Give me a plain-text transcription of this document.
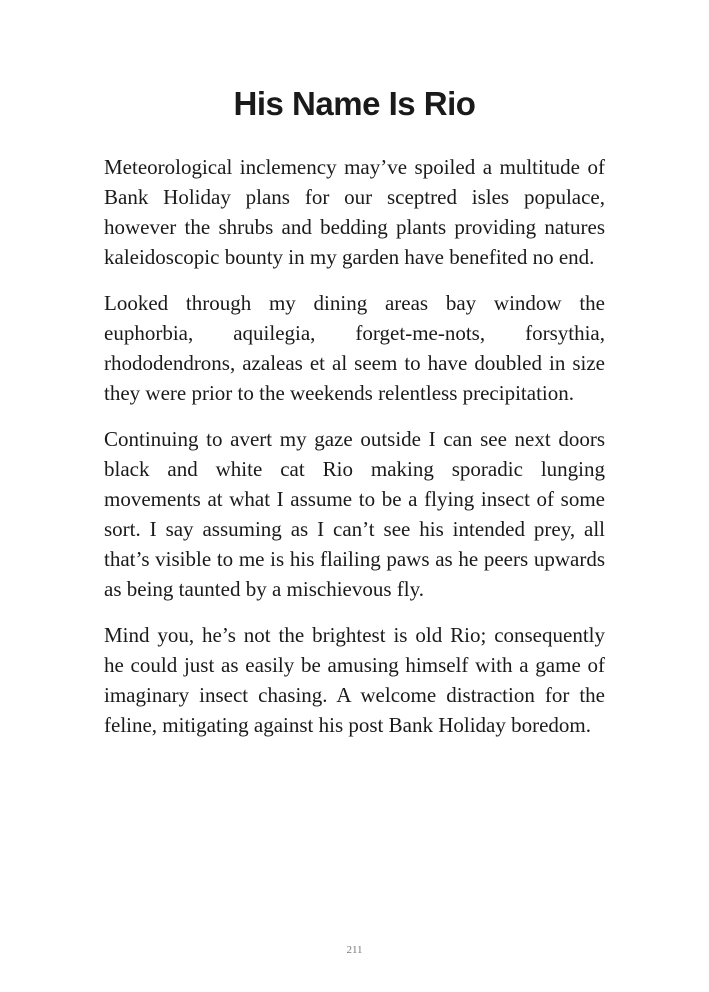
His Name Is Rio

Meteorological inclemency may’ve spoiled a multitude of Bank Holiday plans for our sceptred isles populace, however the shrubs and bedding plants providing natures kaleidoscopic bounty in my garden have benefited no end.

Looked through my dining areas bay window the euphorbia, aquilegia, forget-me-nots, forsythia, rhododendrons, azaleas et al seem to have doubled in size they were prior to the weekends relentless precipitation.

Continuing to avert my gaze outside I can see next doors black and white cat Rio making sporadic lunging movements at what I assume to be a flying insect of some sort. I say assuming as I can’t see his intended prey, all that’s visible to me is his flailing paws as he peers upwards as being taunted by a mischievous fly.

Mind you, he’s not the brightest is old Rio; consequently he could just as easily be amusing himself with a game of imaginary insect chasing. A welcome distraction for the feline, mitigating against his post Bank Holiday boredom.

211
